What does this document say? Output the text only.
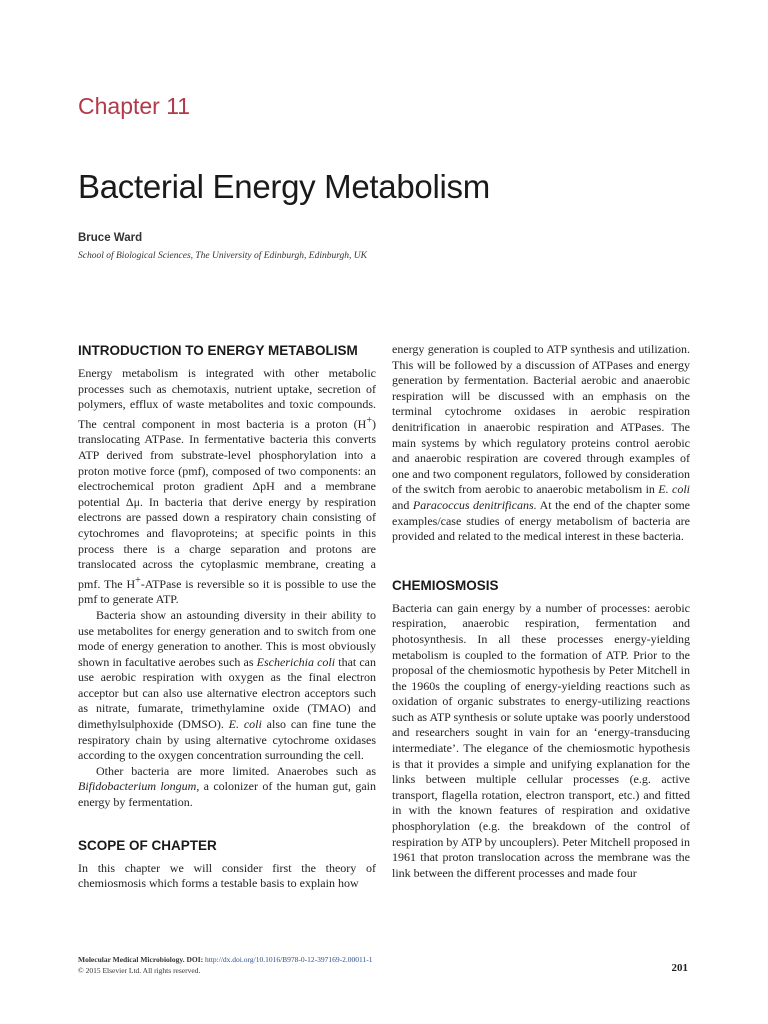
Chapter 11
Bacterial Energy Metabolism
Bruce Ward
School of Biological Sciences, The University of Edinburgh, Edinburgh, UK
INTRODUCTION TO ENERGY METABOLISM

Energy metabolism is integrated with other metabolic processes such as chemotaxis, nutrient uptake, secretion of polymers, efflux of waste metabolites and toxic compounds. The central component in most bacteria is a proton (H+) translocating ATPase. In fermentative bacteria this converts ATP derived from substrate-level phosphorylation into a proton motive force (pmf), composed of two components: an electrochemical proton gradient ΔpH and a membrane potential Δμ. In bacteria that derive energy by respiration electrons are passed down a respiratory chain consisting of cytochromes and flavoproteins; at specific points in this process there is a charge separation and protons are translocated across the cytoplasmic membrane, creating a pmf. The H+-ATPase is reversible so it is possible to use the pmf to generate ATP.

Bacteria show an astounding diversity in their ability to use metabolites for energy generation and to switch from one mode of energy generation to another. This is most obviously shown in facultative aerobes such as Escherichia coli that can use aerobic respiration with oxygen as the final electron acceptor but can also use alternative electron acceptors such as nitrate, fumarate, trimethylamine oxide (TMAO) and dimethylsulphoxide (DMSO). E. coli also can fine tune the respiratory chain by using alternative cytochrome oxidases according to the oxygen concentration surrounding the cell.

Other bacteria are more limited. Anaerobes such as Bifidobacterium longum, a colonizer of the human gut, gain energy by fermentation.

SCOPE OF CHAPTER

In this chapter we will consider first the theory of chemiosmosis which forms a testable basis to explain how

energy generation is coupled to ATP synthesis and utilization. This will be followed by a discussion of ATPases and energy generation by fermentation. Bacterial aerobic and anaerobic respiration will be discussed with an emphasis on the terminal cytochrome oxidases in aerobic respiration denitrification in anaerobic respiration and ATPases. The main systems by which regulatory proteins control aerobic and anaerobic respiration are covered through examples of one and two component regulators, followed by consideration of the switch from aerobic to anaerobic metabolism in E. coli and Paracoccus denitrificans. At the end of the chapter some examples/case studies of energy metabolism of bacteria are provided and related to the medical interest in these bacteria.

CHEMIOSMOSIS

Bacteria can gain energy by a number of processes: aerobic respiration, anaerobic respiration, fermentation and photosynthesis. In all these processes energy-yielding metabolism is coupled to the formation of ATP. Prior to the proposal of the chemiosmotic hypothesis by Peter Mitchell in the 1960s the coupling of energy-yielding reactions such as oxidation of organic substrates to energy-utilizing reactions such as ATP synthesis or solute uptake was poorly understood and researchers sought in vain for an ‘energy-transducing intermediate’. The elegance of the chemiosmotic hypothesis is that it provides a simple and unifying explanation for the links between multiple cellular processes (e.g. active transport, flagella rotation, electron transport, etc.) and fitted in with the known features of respiration and oxidative phosphorylation (e.g. the breakdown of the control of respiration by ATP by uncouplers). Peter Mitchell proposed in 1961 that proton translocation across the membrane was the link between the different processes and made four

Molecular Medical Microbiology. DOI: http://dx.doi.org/10.1016/B978-0-12-397169-2.00011-1
© 2015 Elsevier Ltd. All rights reserved.	201
